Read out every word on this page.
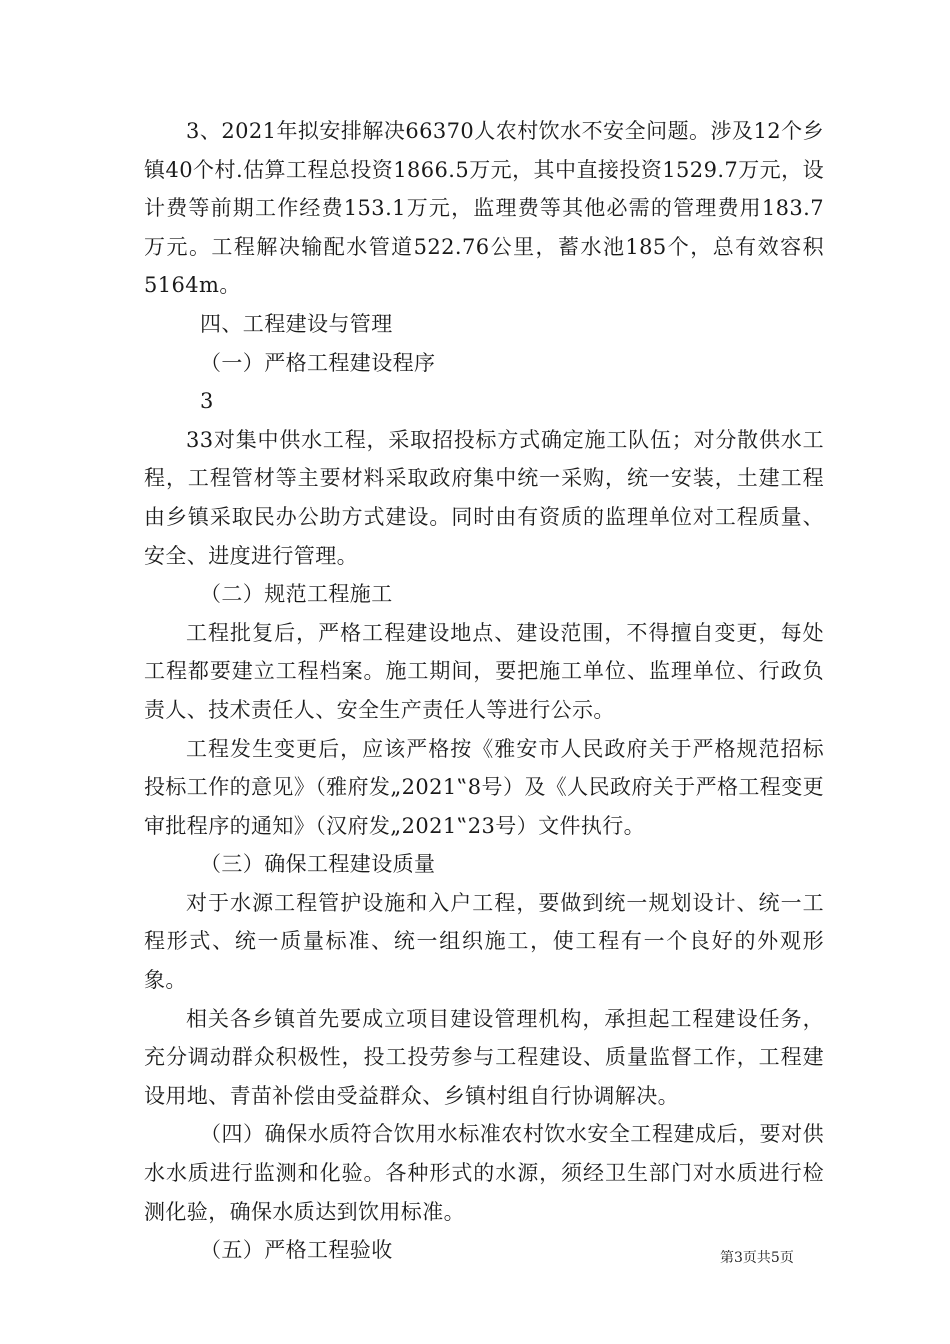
3、2021年拟安排解决66370人农村饮水不安全问题。涉及12个乡镇40个村.估算工程总投资1866.5万元，其中直接投资1529.7万元，设计费等前期工作经费153.1万元，监理费等其他必需的管理费用183.7万元。工程解决输配水管道522.76公里，蓄水池185个，总有效容积5164m。

四、工程建设与管理

（一）严格工程建设程序

3

33对集中供水工程，采取招投标方式确定施工队伍；对分散供水工程，工程管材等主要材料采取政府集中统一采购，统一安装，土建工程由乡镇采取民办公助方式建设。同时由有资质的监理单位对工程质量、安全、进度进行管理。

（二）规范工程施工

工程批复后，严格工程建设地点、建设范围，不得擅自变更，每处工程都要建立工程档案。施工期间，要把施工单位、监理单位、行政负责人、技术责任人、安全生产责任人等进行公示。

工程发生变更后，应该严格按《雅安市人民政府关于严格规范招标投标工作的意见》（雅府发„2021‟8号）及《人民政府关于严格工程变更审批程序的通知》（汉府发„2021‟23号）文件执行。

（三）确保工程建设质量

对于水源工程管护设施和入户工程，要做到统一规划设计、统一工程形式、统一质量标准、统一组织施工，使工程有一个良好的外观形象。

相关各乡镇首先要成立项目建设管理机构，承担起工程建设任务，充分调动群众积极性，投工投劳参与工程建设、质量监督工作，工程建设用地、青苗补偿由受益群众、乡镇村组自行协调解决。

（四）确保水质符合饮用水标准农村饮水安全工程建成后，要对供水水质进行监测和化验。各种形式的水源，须经卫生部门对水质进行检测化验，确保水质达到饮用标准。

（五）严格工程验收	第3页共5页
